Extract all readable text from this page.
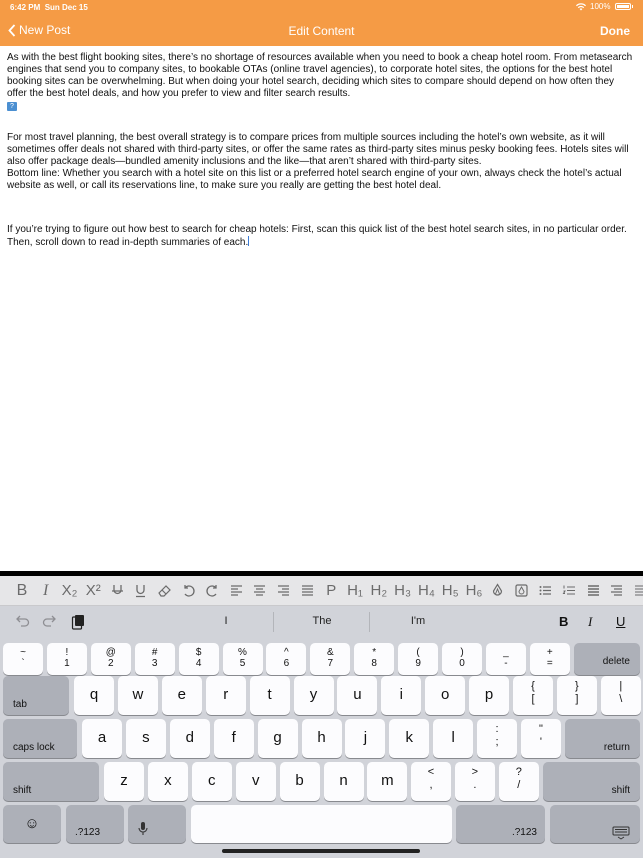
6:42 PM Sun Dec 15	100%
New Post	Edit Content	Done

As with the best flight booking sites, there’s no shortage of resources available when you need to book a cheap hotel room. From metasearch engines that send you to company sites, to bookable OTAs (online travel agencies), to corporate hotel sites, the options for the best hotel booking sites can be overwhelming. But when doing your hotel search, deciding which sites to compare should depend on how often they offer the best hotel deals, and how you prefer to view and filter search results.

?

For most travel planning, the best overall strategy is to compare prices from multiple sources including the hotel’s own website, as it will sometimes offer deals not shared with third-party sites, or offer the same rates as third-party sites minus pesky booking fees. Hotels sites will also offer package deals—bundled amenity inclusions and the like—that aren’t shared with third-party sites.

Bottom line: Whether you search with a hotel site on this list or a preferred hotel search engine of your own, always check the hotel’s actual website as well, or call its reservations line, to make sure you really are getting the best hotel deal.

If you’re trying to figure out how best to search for cheap hotels: First, scan this quick list of the best hotel search sites, in no particular order. Then, scroll down to read in-depth summaries of each.

B I X₂ X²	P H₁ H₂ H₃ H₄ H₅ H₆
I	The	I'm	B I U
delete
tab
caps lock	return
shift	shift
☺
.?123	.?123
~
`
!
1
@
2
#
3
$
4
%
5
^
6
&
7
*
8
(
9
)
0
_
-
+
=
q	w	e	r	t	y	u	i	o	p	{
[
}
]
|
\
a	s	d	f	g	h	j	k	l	:
;
"
'
z	x	c	v	b	n	m	<
,
>
.
?
/
